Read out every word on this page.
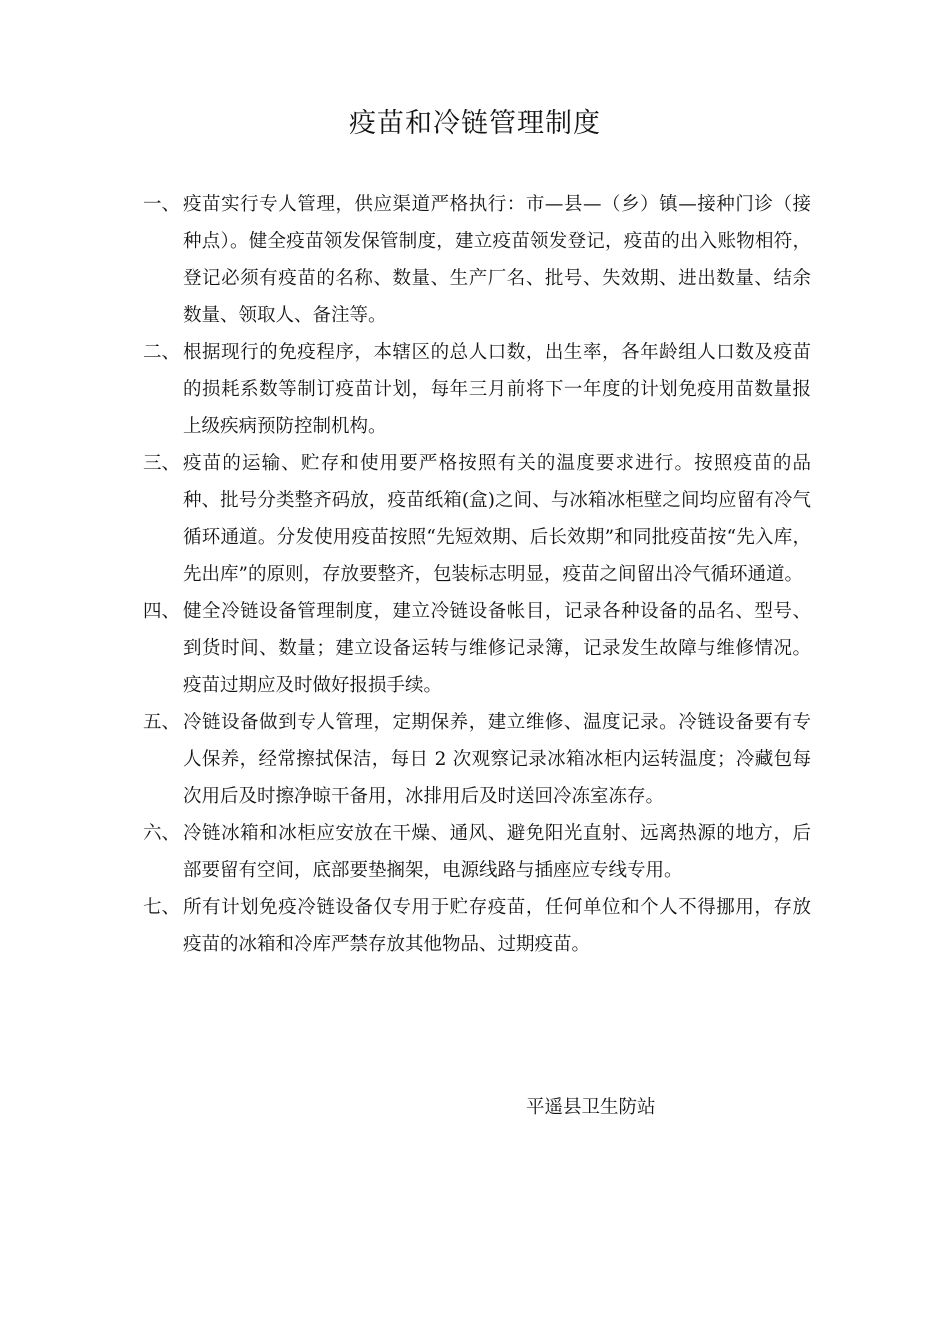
疫苗和冷链管理制度
一、 疫苗实行专人管理，供应渠道严格执行：市—县—（乡）镇—接种门诊（接种点）。健全疫苗领发保管制度，建立疫苗领发登记，疫苗的出入账物相符，登记必须有疫苗的名称、数量、生产厂名、批号、失效期、进出数量、结余数量、领取人、备注等。
二、 根据现行的免疫程序，本辖区的总人口数，出生率，各年龄组人口数及疫苗的损耗系数等制订疫苗计划，每年三月前将下一年度的计划免疫用苗数量报上级疾病预防控制机构。
三、 疫苗的运输、贮存和使用要严格按照有关的温度要求进行。按照疫苗的品种、批号分类整齐码放，疫苗纸箱(盒)之间、与冰箱冰柜壁之间均应留有冷气循环通道。分发使用疫苗按照“先短效期、后长效期”和同批疫苗按“先入库，先出库”的原则，存放要整齐，包装标志明显，疫苗之间留出冷气循环通道。
四、 健全冷链设备管理制度，建立冷链设备帐目，记录各种设备的品名、型号、到货时间、数量；建立设备运转与维修记录簿，记录发生故障与维修情况。疫苗过期应及时做好报损手续。
五、 冷链设备做到专人管理，定期保养，建立维修、温度记录。冷链设备要有专人保养，经常擦拭保洁，每日 2 次观察记录冰箱冰柜内运转温度；冷藏包每次用后及时擦净晾干备用，冰排用后及时送回冷冻室冻存。
六、 冷链冰箱和冰柜应安放在干燥、通风、避免阳光直射、远离热源的地方，后部要留有空间，底部要垫搁架，电源线路与插座应专线专用。
七、 所有计划免疫冷链设备仅专用于贮存疫苗，任何单位和个人不得挪用，存放疫苗的冰箱和冷库严禁存放其他物品、过期疫苗。

平遥县卫生防站
